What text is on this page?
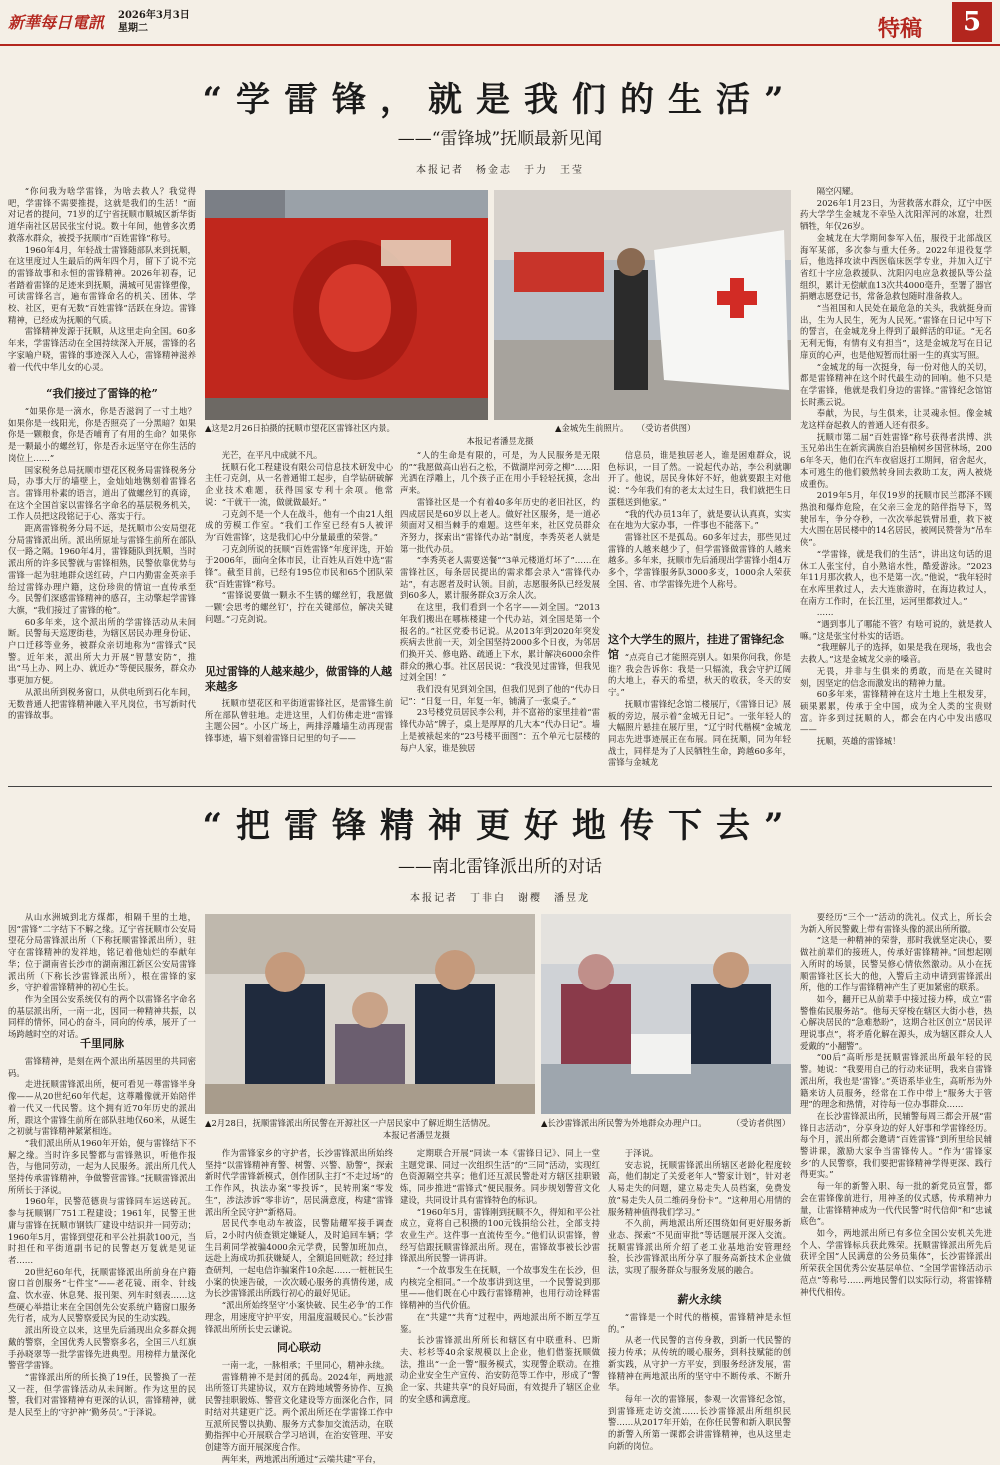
新華每日電訊 2026年3月3日
星期二	特稿	5
“学雷锋，就是我们的生活”
——“雷锋城”抚顺最新见闻
本报记者　杨金志　于力　王莹

“你问我为啥学雷锋，为啥去救人？我觉得吧，学雷锋不需要推提，这就是我们的生活！”面对记者的提问，71岁的辽宁省抚顺市顺城区新华街道华南社区居民张宝付说。数十年间，他曾多次勇救落水群众，被授予抚顺市“百姓雷锋”称号。

1960年4月，年轻战士雷锋随部队来到抚顺，在这里度过人生最后的两年四个月，留下了说不完的雷锋故事和永恒的雷锋精神。2026年初春，记者踏着雷锋的足迹来到抚顺，满城可见雷锋塑像，可读雷锋名言，遍布雷锋命名的机关、团体、学校、社区，更有无数“百姓雷锋”活跃在身边。雷锋精神，已经成为抚顺的气质。

雷锋精神发源于抚顺，从这里走向全国。60多年来，学雷锋活动在全国持续深入开展，雷锋的名字家喻户晓，雷锋的事迹深入人心，雷锋精神滋养着一代代中华儿女的心灵。

“我们接过了雷锋的枪”

“如果你是一滴水，你是否滋润了一寸土地？如果你是一线阳光，你是否照亮了一分黑暗？如果你是一颗粮食，你是否哺育了有用的生命？如果你是一颗最小的螺丝钉，你是否永远坚守在你生活的岗位上……”

国家税务总局抚顺市望花区税务局雷锋税务分局，办事大厅的墙壁上，金灿灿地镌刻着雷锋名言。雷锋用朴素的语言，道出了做螺丝钉的真谛，在这个全国首家以雷锋名字命名的基层税务机关，工作人员把这段铭记于心、落实于行。

距离雷锋税务分局不远，是抚顺市公安局望花分局雷锋派出所。派出所原址与雷锋生前所在部队仅一路之隔。1960年4月，雷锋随队到抚顺，当时派出所的许多民警就与雷锋相熟，民警依靠优势与雷锋一起为驻地群众送红砖，户口内勤雷金英亲手给过雷锋办理户籍，这份珍贵的情谊一直传承至今。民警们深感雷锋精神的感召，主动擎起学雷锋大旗，“我们接过了雷锋的枪”。

60多年来，这个派出所的学雷锋活动从未间断。民警每天巡逻街巷，为辖区居民办理身份证、户口迁移等业务，被群众亲切地称为“雷锋式”民警。近年来，派出所大力开展“智慧安防”，推出“马上办、网上办、就近办”等便民服务，群众办事更加方便。

从派出所到税务窗口，从供电所到石化车间，无数普通人把雷锋精神融入平凡岗位，书写新时代的雷锋故事。

▲这是2月26日拍摄的抚顺市望花区雷锋社区内景。	▲金城先生前照片。　　（受访者供图）
本报记者潘昱龙摄

光芒，在平凡中成就不凡。

抚顺石化工程建设有限公司信息技术研发中心主任刁克剑，从一名普通钳工起步，自学钻研破解企业技术难题，获得国家专利十余项。他常说：“干就干一流，做就做最好。”

刁克剑不是一个人在战斗，他有一个由21人组成的劳模工作室。“我们工作室已经有5人被评为‘百姓雷锋’，这是我们心中分量最重的荣誉。”

刁克剑所说的抚顺“百姓雷锋”年度评选，开始于2006年，面向全体市民，让百姓从百姓中选“雷锋”。截至目前，已经有195位市民和65个团队荣获“百姓雷锋”称号。

“雷锋说要做一颗永不生锈的螺丝钉，我愿做一颗‘会思考的螺丝钉’，拧在关键部位，解决关键问题。”刁克剑说。

见过雷锋的人越来越少，做雷锋的人越来越多

抚顺市望花区和平街道雷锋社区，是雷锋生前所在部队曾驻地。走进这里，人们仿佛走进“雷锋主题公园”。小区广场上，两排浮雕墙生动再现雷锋事迹，墙下刻着雷锋日记里的句子——

“人的生命是有限的，可是，为人民服务是无限的”“我愿做高山岩石之松，不做湖岸河旁之柳”……阳光洒在浮雕上，几个孩子正在用小手轻轻抚摸，念出声来。

雷锋社区是一个有着40多年历史的老旧社区，约四成居民是60岁以上老人。做好社区服务，是一道必须面对又相当棘手的难题。这些年来，社区党员群众齐努力，探索出“雷锋代办站”制度，李秀英老人就是第一批代办员。

“李秀英老人需要送餐”“3单元楼道灯坏了”……在雷锋社区，每条居民提出的需求都会录入“雷锋代办站”，有志愿者及时认领。目前，志愿服务队已经发展到60多人，累计服务群众3万余人次。

在这里，我们看到一个名字——刘全国。“2013年我们搬出在哪栋楼建一个代办站，刘全国是第一个报名的。”社区党委书记说。从2013年到2020年突发疾病去世前一天，刘全国坚持2000多个日夜，为邻居们换开关、修电路、疏通上下水，累计解决6000余件群众的揪心事。社区居民说：“我没见过雷锋，但我见过刘全国！”

我们没有见到刘全国，但我们见到了他的“代办日记”：“日复一日，年复一年，铺满了一张桌子。”

23号楼党员居民李公利，并不富裕的家里挂着“雷锋代办站”牌子，桌上是厚厚的几大本“代办日记”。墙上是被裱起来的“23号楼平面图”：五个单元七层楼的每户人家，谁是独居

信息员，谁是独居老人，谁是困难群众，说色标识，一目了然。一说起代办站，李公利就聊开了。他说，居民身体好不好，他就要跟主对他说：“今年我们有的老太太过生日，我们就把生日蛋糕送到他家。”

“我的代办员13年了，就是要认认真真，实实在在地为大家办事，一件事也不能落下。”

雷锋社区不是孤岛。60多年过去，那些见过雷锋的人越来越少了，但学雷锋做雷锋的人越来越多。多年来，抚顺市先后涌现出学雷锋小组4万多个，学雷锋服务队3000多支，1000余人荣获全国、省、市学雷锋先进个人称号。

这个大学生的照片，挂进了雷锋纪念馆 “点亮自己才能照亮别人。如果你问我，你是谁？我会告诉你：我是一只辐流，我会守护辽阔的大地上，春天的希望，秋天的收获，冬天的安宁。”

抚顺市雷锋纪念馆二楼展厅，《雷锋日记》展板的旁边，展示着“金城无日记”。一张年轻人的大幅照片悬挂在展厅里，“辽宁时代楷模”金城龙同志先进事迹展正在布展。同在抚顺，同为年轻战士，同样是为了人民牺牲生命，跨越60多年，雷锋与金城龙

隔空闪耀。

2026年1月23日，为营救落水群众，辽宁中医药大学学生金城龙不幸坠入沈阳浑河的冰窟，壮烈牺牲，年仅26岁。

金城龙在大学期间参军入伍，服役于北部战区海军某部，多次参与重大任务。2022年退役复学后，他选择攻读中西医临床医学专业，并加入辽宁省红十字应急救援队、沈阳闪电应急救援队等公益组织，累计无偿献血13次共4000毫升，至署了器官捐赠志愿登记书，常备急救包随时准备救人。

“当祖国和人民处在最危急的关头，我就挺身而出，生为人民生，死为人民死。”雷锋在日记中写下的誓言，在金城龙身上得到了最鲜活的印证。“无名无利无悔，有情有义有担当”，这是金城龙写在日记扉页的心声，也是他短暂而壮丽一生的真实写照。

“金城龙的每一次挺身，每一份对他人的关切，都是雷锋精神在这个时代最生动的回响。他不只是在学雷锋，他就是我们身边的雷锋。”雷锋纪念馆馆长时燕云说。

奉献，为民，与生俱来，让灵魂永恒。像金城龙这样奋起救人的普通人还有很多。

抚顺市第二届“百姓雷锋”称号获得者洪博、洪玉兄弟出生在新宾满族自治县榆树乡国营林场，2006年冬天，他们在汽车夜宿返打工期间，宿舍起火，本可逃生的他们毅然转身回去救助工友，两人被烧成重伤。

2019年5月，年仅19岁的抚顺市民兰郡泽不顾热浪和爆炸危险，在父亲三金龙的陪伴指导下，驾驶吊车，争分夺秒，一次次举起铁臂吊重，救下被大火围在居民楼中的14名居民，被网民赞誉为“吊车侠”。

“学雷锋，就是我们的生活”，讲出这句话的退休工人张宝付，自小熟谙水性，酷爱游泳。“2023年11月那次救人，也不是第一次。”他说，“我年轻时在水库里救过人，去大连旅游时，在海边救过人，在南方工作时，在长江里，运河里都救过人。”

……

“遇到事儿了哪能不管？有啥可说的，就是救人嘛。”这是张宝付朴实的话语。

“我理解儿子的选择，如果是我在现场，我也会去救人。”这是金城龙父亲的嗓音。

无畏，并非与生俱来的勇敢，而是在关键时刻，因坚定的信念而激发出的精神力量。

60多年来，雷锋精神在这片土地上生根发芽，硕果累累，传承于全中国，成为全人类的宝贵财富。许多到过抚顺的人，都会在内心中发出感叹——

抚顺，英雄的雷锋城！

“把雷锋精神更好地传下去”
——南北雷锋派出所的对话
本报记者　丁非白　谢樱　潘昱龙

从山水洲城到北方煤都，相隔千里的土地，因“雷锋”二字结下不解之缘。辽宁省抚顺市公安局望花分局雷锋派出所（下称抚顺雷锋派出所），驻守在雷锋精神的发祥地，铭记着他灿烂的奉献年华；位于湖南省长沙市的湖南湘江新区公安局雷锋派出所（下称长沙雷锋派出所），根在雷锋的家乡，守护着雷锋精神的初心生长。

作为全国公安系统仅有的两个以雷锋名字命名的基层派出所，一南一北，因同一种精神共振，以同样的情怀，同心的奋斗，同向的传承，展开了一场跨越时空的对话。

千里同脉

雷锋精神，是刻在两个派出所基因里的共同密码。

走进抚顺雷锋派出所，便可看见一尊雷锋半身像——从20世纪60年代起，这尊雕像就开始陪伴着一代又一代民警。这个拥有近70年历史的派出所，跟这个雷锋生前所在部队驻地仅60米，从诞生之初就与雷锋精神紧紧相连。

“我们派出所从1960年开始，便与雷锋结下不解之缘。当时许多民警都与雷锋熟识，听他作报告，与他同劳动，一起为人民服务。派出所几代人坚持传承雷锋精神，争做警营雷锋。”抚顺雷锋派出所所长于泽说。

1960年，民警范德贵与雷锋同车运送砖瓦。参与抚顺钢厂751工程建设；1961年，民警王世庸与雷锋在抚顺市钢铁厂建设中结识并一同劳动；1960年5月，雷锋到望花和平公社捐款100元，当时担任和平街道副书记的民警赵万复就是见证者……

20世纪60年代，抚顺雷锋派出所前身在户籍窗口首创服务“七件宝”——老花镜、雨伞、针线盒、饮水壶、休息凳、报刊架、列车时刻表……这些硬心举措让来在全国创先公安系统户籍窗口服务先行者，成为人民警察爱民为民的生动实践。

派出所设立以来，这里先后涌现出众多群众拥戴的警察，全国优秀人民警察多名，全国三八红旗手孙晓翠等一批学雷锋先进典型。用榜样力量深化警营学雷锋。

“雷锋派出所的所长换了19任，民警换了一茬又一茬，但学雷锋活动从未间断。作为这里的民警，我们对雷锋精神有更深的认识，雷锋精神，就是人民至上的‘守护神’‘勤务员’。”于泽说。

▲2月28日，抚顺雷锋派出所民警在开源社区一户居民家中了解近期生活情况。
本报记者潘昱龙摄
▲长沙雷锋派出所民警为外地群众办理户口。　　　　（受访者供图）

作为雷锋家乡的守护者，长沙雷锋派出所始终坚持“以雷锋精神育警、树警、兴警、励警”，探索新时代学雷锋新模式，创作团队主打“不走过场”的工作作风，执法办案“零投诉”，民转刑案“零发生”，涉法涉诉“零非访”，居民满意度，构建“雷锋派出所全民守护”新格局。

居民代李电动车被盗，民警陆耀军接手调查后，2小时内侦查锁定嫌疑人，及时追回车辆；学生吕莉同学被骗4000余元学费，民警加班加点，远赴上海成功抓获嫌疑人，全额追回赃款；经过排查研判，一起电信诈骗案件10余起……一桩桩民生小案的快速告破，一次次暖心服务的真情传递，成为长沙雷锋派出所践行初心的最好见证。

“派出所始终坚守‘小案快破、民生必争’的工作理念，用速度守护平安，用温度温暖民心。”长沙雷锋派出所所长史云谦说。

同心联动

一南一北，一脉相承；千里同心，精神永续。

雷锋精神不是封闭的孤岛。2024年，两地派出所签订共建协议，双方在跨地域警务协作、互换民警挂职锻炼、警营文化建设等方面深化合作，同时结对共建更广泛。两个派出所还在学雷锋工作中互派所民警以执勤、服务方式参加交流活动，在联勤指挥中心开展联合学习培训，在治安管理、平安创建等方面开展深度合作。

两年来，两地派出所通过“云端共建”平台，

定期联合开展“同读一本《雷锋日记》、同上一堂主题党课、同过一次组织生活”的“三同”活动，实现红色资源隔空共享；他们还互派民警赴对方辖区挂职锻炼，同步推进“雷锋式”便民服务。同步规划警营文化建设，共同设计具有雷锋特色的标识。

“1960年5月，雷锋刚到抚顺不久，得知和平公社成立，竟将自己积攒的100元钱捐给公社，全部支持农业生产。这件事一直流传至今。”他们认识雷锋，曾经写信跟抚顺雷锋派出所。现在，雷锋故事被长沙雷锋派出所民警一讲再讲。

“一个故事发生在抚顺，一个故事发生在长沙，但内核完全相同。”一个故事讲到这里，一个民警说到那里——他们既在心中践行雷锋精神，也用行动诠释雷锋精神的当代价值。

在“共建”“共育”过程中，两地派出所不断互学互鉴。

长沙雷锋派出所所长和辖区有中联重科、巴斯夫、杉杉等40余家规模以上企业，他们借鉴抚顺做法，推出“一企一警”服务模式，实现警企联动。在推动企业安全生产宣传、治安防范等工作中，形成了“警企一家、共建共享”的良好局面，有效提升了辖区企业的安全感和满意度。

于泽说。

安志说，抚顺雷锋派出所辖区老龄化程度较高，他们制定了关爱老年人“警家计划”，针对老人易走失的问题，建立易走失人员档案，免费发放“易走失人员二维码身份卡”。“这种用心用情的服务精神值得我们学习。”

不久前，两地派出所还围绕如何更好服务新业态、探索“不见面审批”等话题展开深入交流。抚顺雷锋派出所介绍了老工业基地治安管理经验，长沙雷锋派出所分享了服务高新技术企业做法，实现了服务群众与服务发展的融合。

薪火永续

“雷锋是一个时代的楷模，雷锋精神是永恒的。”

从老一代民警的言传身教，到新一代民警的接力传承；从传统的暖心服务，到科技赋能的创新实践，从守护一方平安，到服务经济发展，雷锋精神在两地派出所的坚守中不断传承、不断升华。

每年一次的雷锋展，参观一次雷锋纪念馆，到雷锋班走访交流……长沙雷锋派出所组织民警……从2017年开始，在你任民警和新入职民警的新警入所第一课都会讲雷锋精神，也从这里走向新的岗位。

要经历“三个一”活动的洗礼。仪式上，所长会为新入所民警戴上带有雷锋头像的派出所所徽。

“这是一种精神的荣誉，那时我就坚定决心，要做社前辈们的接班人，传承好雷锋精神。”回想起刚入所时的场景，民警吴修心情依然激动。从小在抚顺雷锋社区长大的他，入警后主动申请到雷锋派出所，他的工作与雷锋精神产生了更加紧密的联系。

如今，翻开已从前辈手中接过接力棒，成立“雷警惟佑民服务站”。他每天穿梭在辖区大街小巷，热心解决居民的“急难愁盼”，这期合社区创立“居民评理说事点”，将矛盾化解在源头，成为辖区群众人人爱戴的“小翻警”。

“00后”高昕彤是抚顺雷锋派出所最年轻的民警。她说：“我要用自己的行动来证明，我来自雷锋派出所，我也是‘雷锋’。”英语系毕业生，高昕彤为外籍来访人员服务，经常在工作中带上“服务大于管理”的理念和热情，对待每一位办事群众……

在长沙雷锋派出所，民辅警每周三都会开展“雷锋日志活动”，分享身边的好人好事和学雷锋经历。每个月，派出所都会邀请“百姓雷锋”到所里给民辅警讲课，激励大家争当雷锋传人。“作为‘雷锋家乡’的人民警察，我们要把雷锋精神学得更深、践行得更实。”

每一年的新警入职、每一批的新党员宣誓，都会在雷锋像前进行，用神圣的仪式感，传承精神力量，让雷锋精神成为一代代民警“时代信仰”和“忠诚底色”。

如今，两地派出所已有多位全国公安机关先进个人、学雷锋标兵获此殊荣。抚顺雷锋派出所先后获评全国“人民满意的公务员集体”，长沙雷锋派出所荣获全国优秀公安基层单位、“全国学雷锋活动示范点”等称号……两地民警们以实际行动，将雷锋精神代代相传。
